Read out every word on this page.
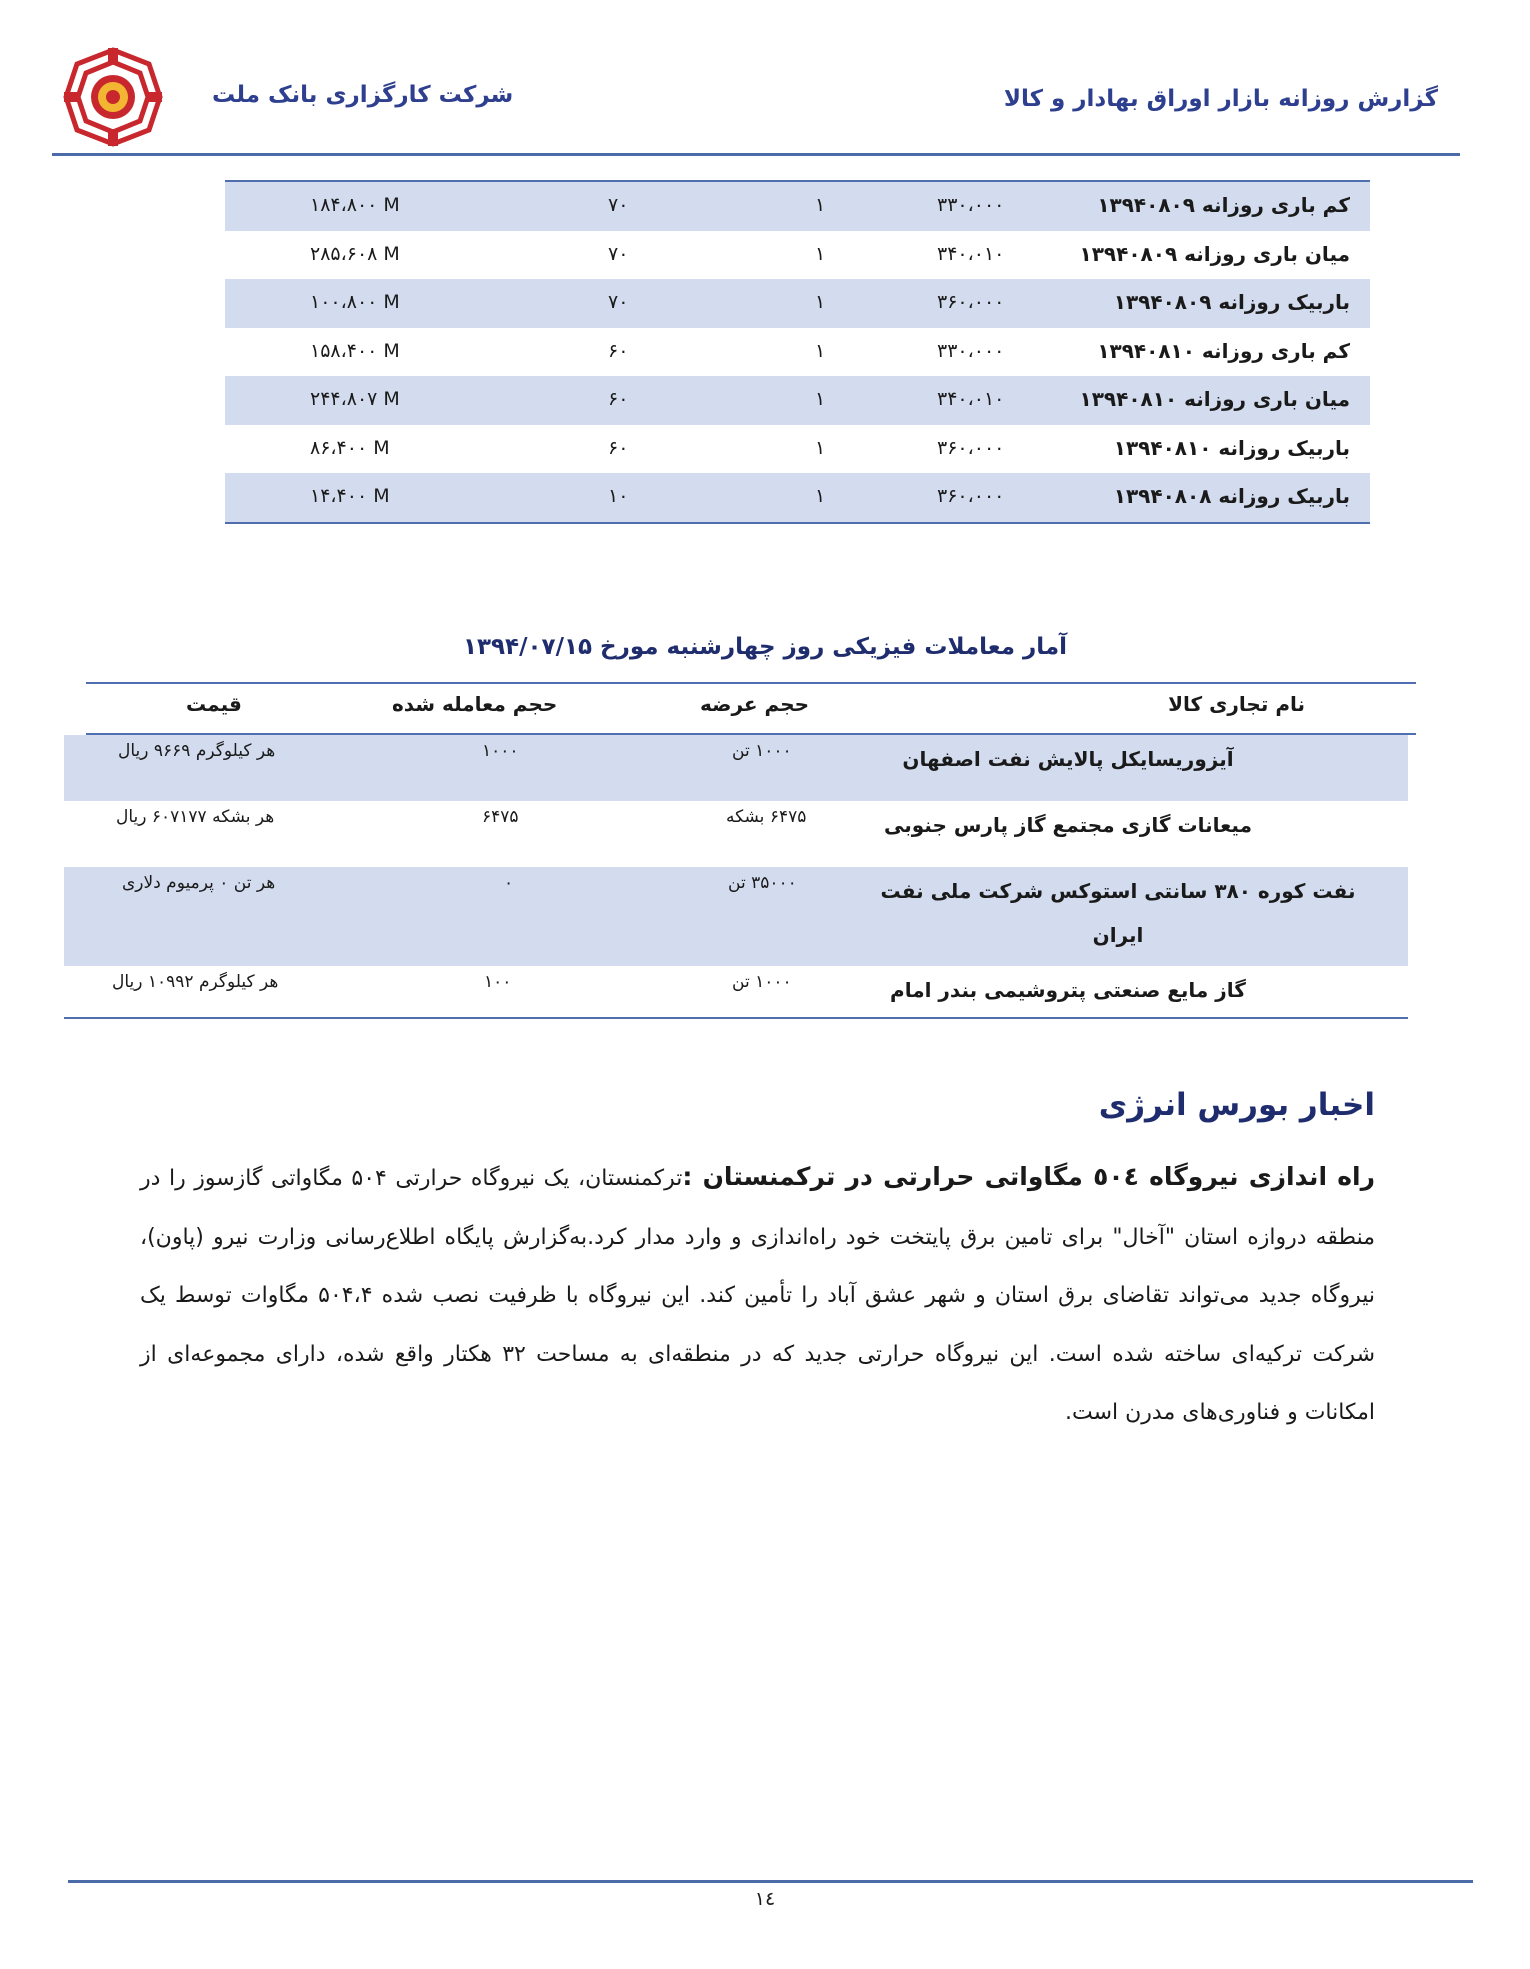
شرکت کارگزاری بانک ملت	گزارش روزانه بازار اوراق بهادار و کالا
کم باری روزانه ۱۳۹۴۰۸۰۹
۳۳۰،۰۰۰
۱
۷۰
۱۸۴،۸۰۰ M
میان باری روزانه ۱۳۹۴۰۸۰۹
۳۴۰،۰۱۰
۱
۷۰
۲۸۵،۶۰۸ M
باربیک روزانه ۱۳۹۴۰۸۰۹
۳۶۰،۰۰۰
۱
۷۰
۱۰۰،۸۰۰ M
کم باری روزانه ۱۳۹۴۰۸۱۰
۳۳۰،۰۰۰
۱
۶۰
۱۵۸،۴۰۰ M
میان باری روزانه ۱۳۹۴۰۸۱۰
۳۴۰،۰۱۰
۱
۶۰
۲۴۴،۸۰۷ M
باربیک روزانه ۱۳۹۴۰۸۱۰
۳۶۰،۰۰۰
۱
۶۰
۸۶،۴۰۰ M
باربیک روزانه ۱۳۹۴۰۸۰۸
۳۶۰،۰۰۰
۱
۱۰
۱۴،۴۰۰ M
آمار معاملات فیزیکی روز چهارشنبه مورخ ۱۳۹۴/۰۷/۱۵
نام تجاری کالا
حجم عرضه
حجم معامله شده
قیمت
آیزوریسایکل پالایش نفت اصفهان
۱۰۰۰ تن
۱۰۰۰
هر کیلوگرم ۹۶۶۹ ریال
میعانات گازی مجتمع گاز پارس جنوبی
۶۴۷۵ بشکه
۶۴۷۵
هر بشکه ۶۰۷۱۷۷ ریال
نفت کوره ۳۸۰ سانتی استوکس شرکت ملی نفت ایران
۳۵۰۰۰ تن
۰
هر تن ۰ پرمیوم دلاری
گاز مایع صنعتی پتروشیمی بندر امام
۱۰۰۰ تن
۱۰۰
هر کیلوگرم ۱۰۹۹۲ ریال
اخبار بورس انرژی
راه اندازی نیروگاه ٥٠٤ مگاواتی حرارتی در ترکمنستان :ترکمنستان، یک نیروگاه حرارتی ۵۰۴ مگاواتی گازسوز را در منطقه دروازه استان "آخال" برای تامین برق پایتخت خود راه‌اندازی و وارد مدار کرد.به‌گزارش پایگاه اطلاع‌رسانی وزارت نیرو (پاون)، نیروگاه جدید می‌تواند تقاضای برق استان و شهر عشق آباد را تأمین کند. این نیروگاه با ظرفیت نصب شده ۵۰۴،۴ مگاوات توسط یک شرکت ترکیه‌ای ساخته شده است. این نیروگاه حرارتی جدید که در منطقه‌ای به مساحت ۳۲ هکتار واقع شده، دارای مجموعه‌ای از امکانات و فناوری‌های مدرن است.
۱٤
